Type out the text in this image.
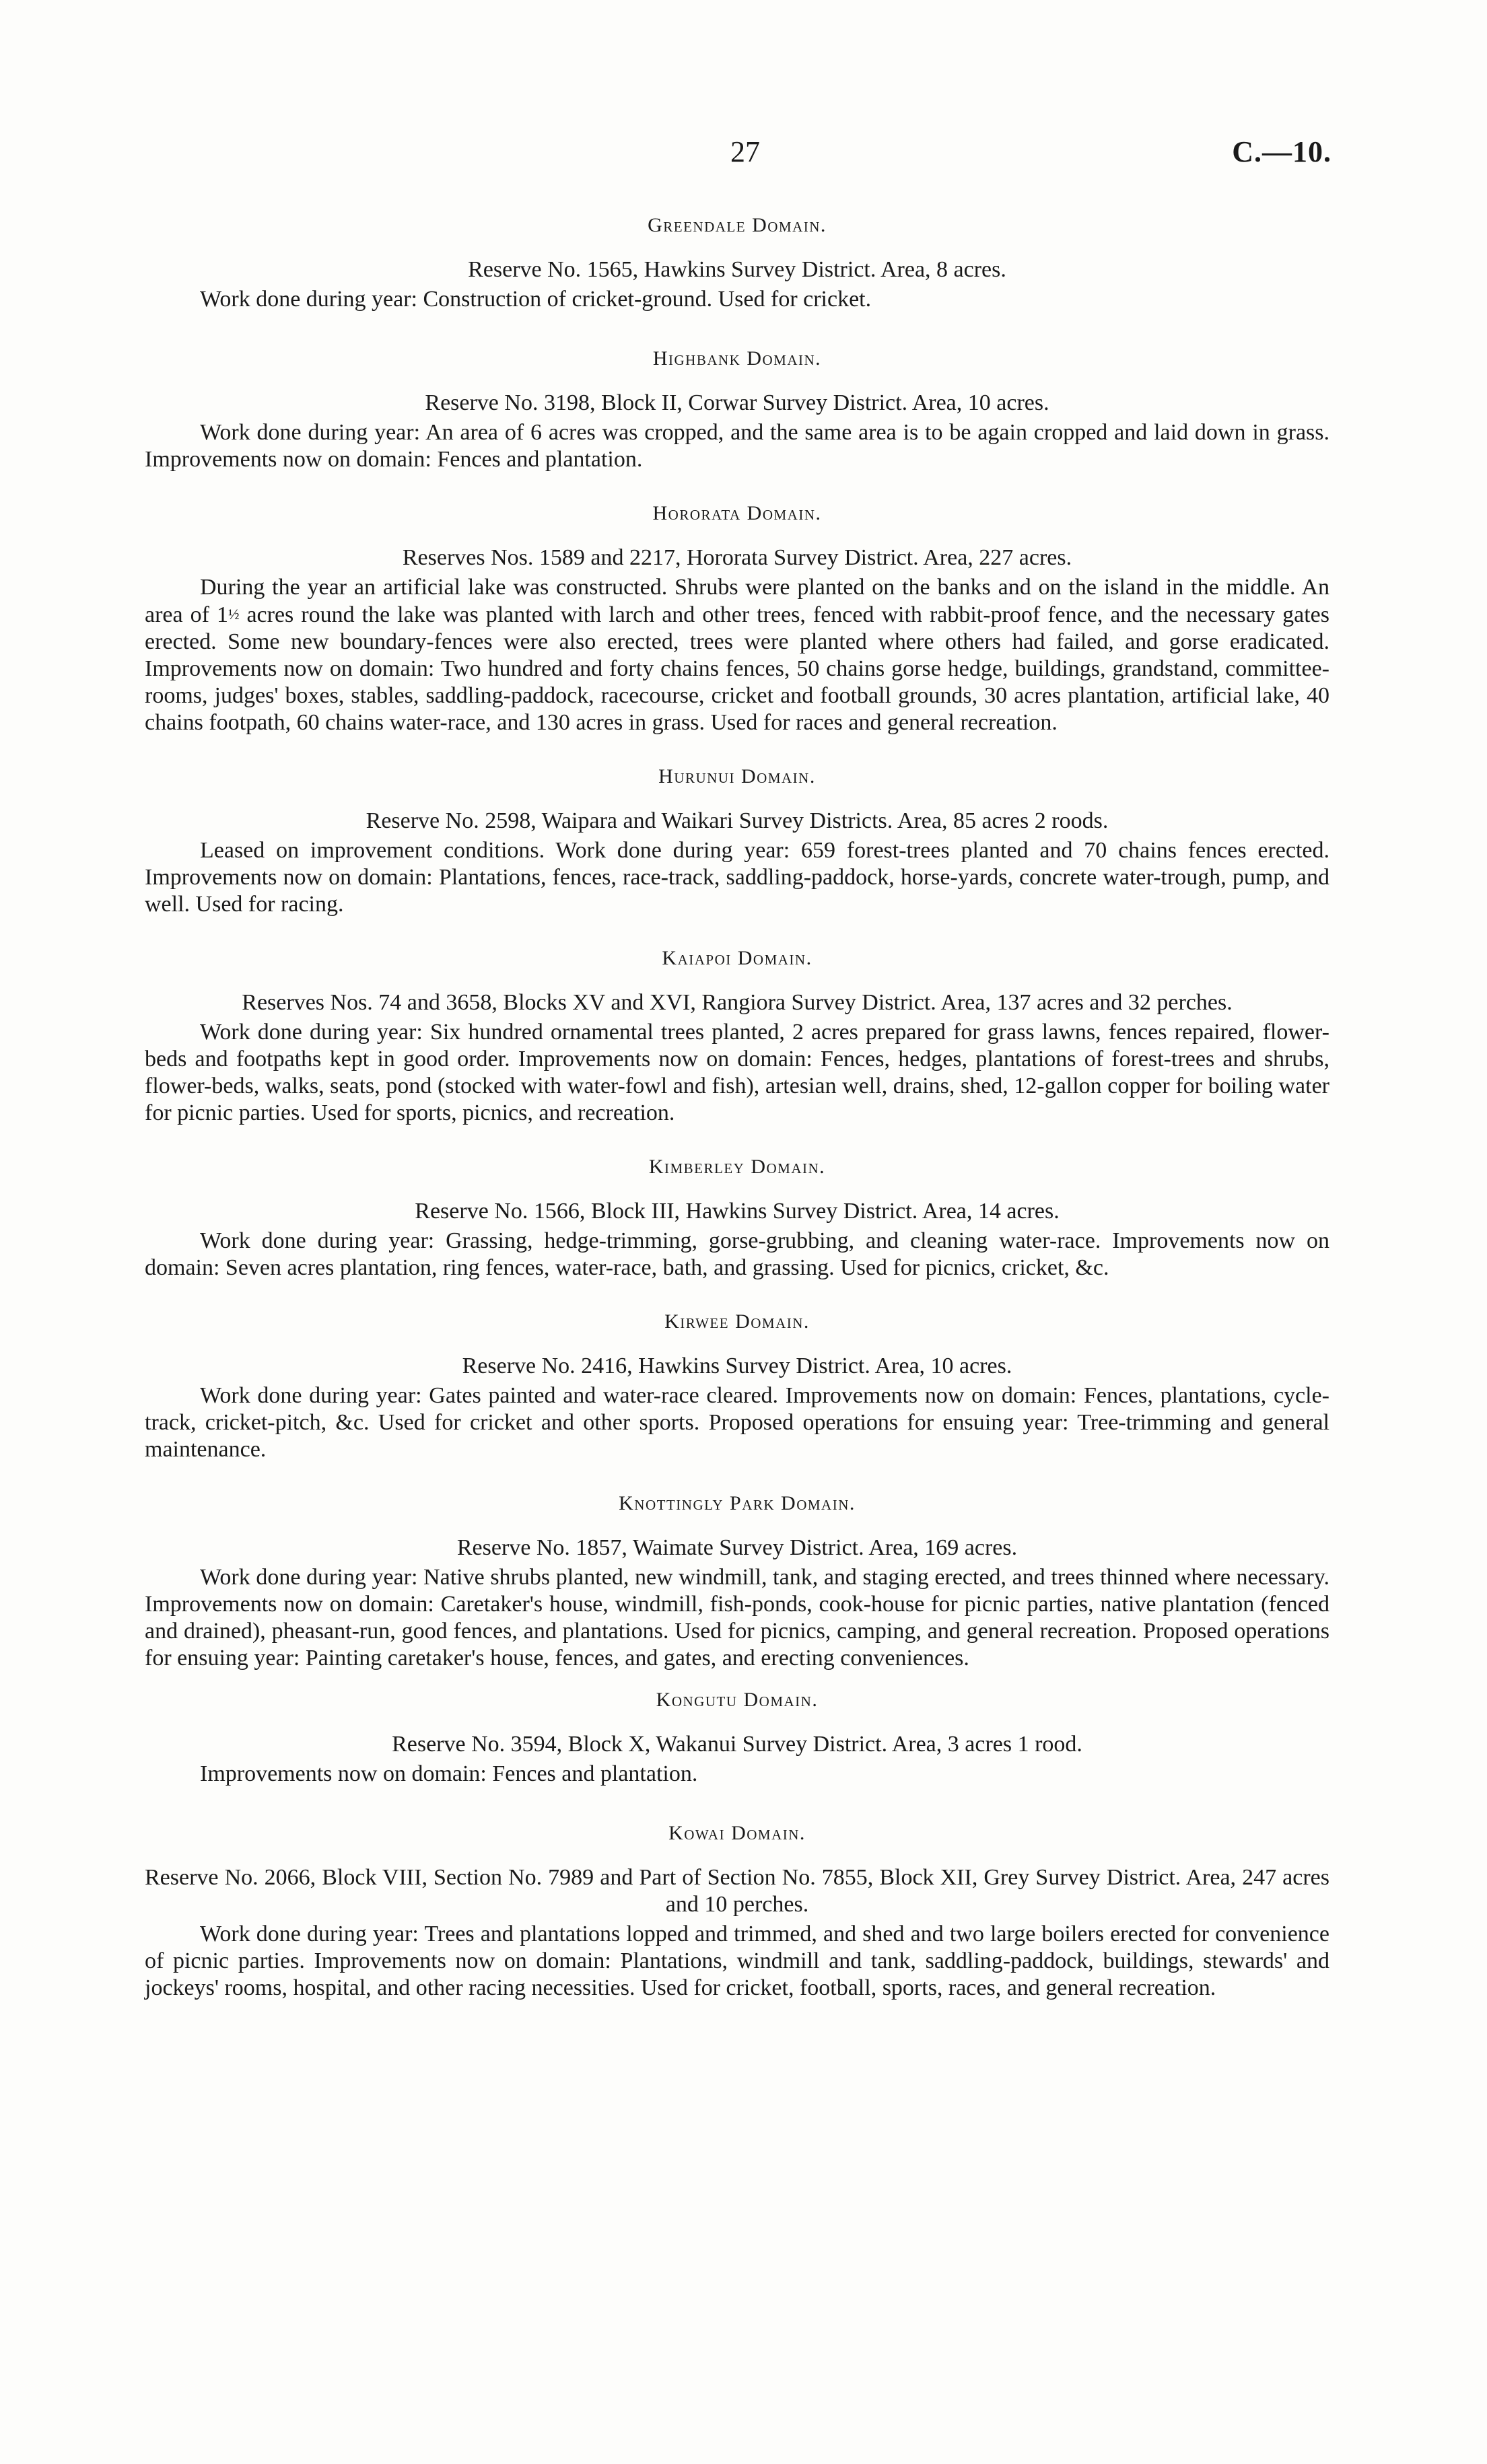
27	C.—10.
Greendale Domain.

Reserve No. 1565, Hawkins Survey District. Area, 8 acres.

Work done during year: Construction of cricket-ground. Used for cricket.

Highbank Domain.

Reserve No. 3198, Block II, Corwar Survey District. Area, 10 acres.

Work done during year: An area of 6 acres was cropped, and the same area is to be again cropped and laid down in grass. Improvements now on domain: Fences and plantation.

Hororata Domain.

Reserves Nos. 1589 and 2217, Hororata Survey District. Area, 227 acres.

During the year an artificial lake was constructed. Shrubs were planted on the banks and on the island in the middle. An area of 1½ acres round the lake was planted with larch and other trees, fenced with rabbit-proof fence, and the necessary gates erected. Some new boundary-fences were also erected, trees were planted where others had failed, and gorse eradicated. Improvements now on domain: Two hundred and forty chains fences, 50 chains gorse hedge, buildings, grandstand, committee-rooms, judges' boxes, stables, saddling-paddock, racecourse, cricket and football grounds, 30 acres plantation, artificial lake, 40 chains footpath, 60 chains water-race, and 130 acres in grass. Used for races and general recreation.

Hurunui Domain.

Reserve No. 2598, Waipara and Waikari Survey Districts. Area, 85 acres 2 roods.

Leased on improvement conditions. Work done during year: 659 forest-trees planted and 70 chains fences erected. Improvements now on domain: Plantations, fences, race-track, saddling-paddock, horse-yards, concrete water-trough, pump, and well. Used for racing.

Kaiapoi Domain.

Reserves Nos. 74 and 3658, Blocks XV and XVI, Rangiora Survey District. Area, 137 acres and 32 perches.

Work done during year: Six hundred ornamental trees planted, 2 acres prepared for grass lawns, fences repaired, flower-beds and footpaths kept in good order. Improvements now on domain: Fences, hedges, plantations of forest-trees and shrubs, flower-beds, walks, seats, pond (stocked with water-fowl and fish), artesian well, drains, shed, 12-gallon copper for boiling water for picnic parties. Used for sports, picnics, and recreation.

Kimberley Domain.

Reserve No. 1566, Block III, Hawkins Survey District. Area, 14 acres.

Work done during year: Grassing, hedge-trimming, gorse-grubbing, and cleaning water-race. Improvements now on domain: Seven acres plantation, ring fences, water-race, bath, and grassing. Used for picnics, cricket, &c.

Kirwee Domain.

Reserve No. 2416, Hawkins Survey District. Area, 10 acres.

Work done during year: Gates painted and water-race cleared. Improvements now on domain: Fences, plantations, cycle-track, cricket-pitch, &c. Used for cricket and other sports. Proposed operations for ensuing year: Tree-trimming and general maintenance.

Knottingly Park Domain.

Reserve No. 1857, Waimate Survey District. Area, 169 acres.

Work done during year: Native shrubs planted, new windmill, tank, and staging erected, and trees thinned where necessary. Improvements now on domain: Caretaker's house, windmill, fish-ponds, cook-house for picnic parties, native plantation (fenced and drained), pheasant-run, good fences, and plantations. Used for picnics, camping, and general recreation. Proposed operations for ensuing year: Painting caretaker's house, fences, and gates, and erecting conveniences.

Kongutu Domain.

Reserve No. 3594, Block X, Wakanui Survey District. Area, 3 acres 1 rood.

Improvements now on domain: Fences and plantation.

Kowai Domain.

Reserve No. 2066, Block VIII, Section No. 7989 and Part of Section No. 7855, Block XII, Grey Survey District. Area, 247 acres and 10 perches.

Work done during year: Trees and plantations lopped and trimmed, and shed and two large boilers erected for convenience of picnic parties. Improvements now on domain: Plantations, windmill and tank, saddling-paddock, buildings, stewards' and jockeys' rooms, hospital, and other racing necessities. Used for cricket, football, sports, races, and general recreation.
